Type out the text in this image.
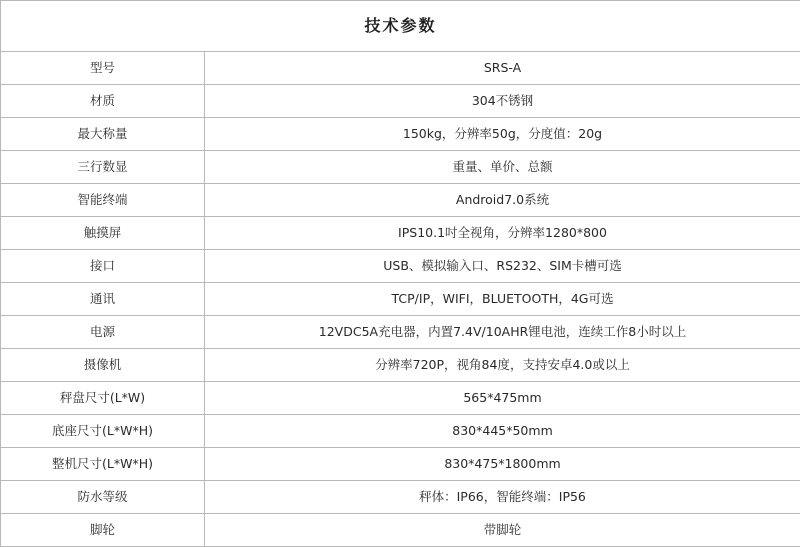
技术参数	
型号	SRS-A
材质	304不锈钢
最大称量	150kg，分辨率50g，分度值：20g
三行数显	重量、单价、总额
智能终端	Android7.0系统
触摸屏	IPS10.1吋全视角，分辨率1280*800
接口	USB、模拟输入口、RS232、SIM卡槽可选
通讯	TCP/IP，WIFI，BLUETOOTH，4G可选
电源	12VDC5A充电器，内置7.4V/10AHR锂电池，连续工作8小时以上
摄像机	分辨率720P，视角84度，支持安卓4.0或以上
秤盘尺寸(L*W)	565*475mm
底座尺寸(L*W*H)	830*445*50mm
整机尺寸(L*W*H)	830*475*1800mm
防水等级	秤体：IP66，智能终端：IP56
脚轮	带脚轮
